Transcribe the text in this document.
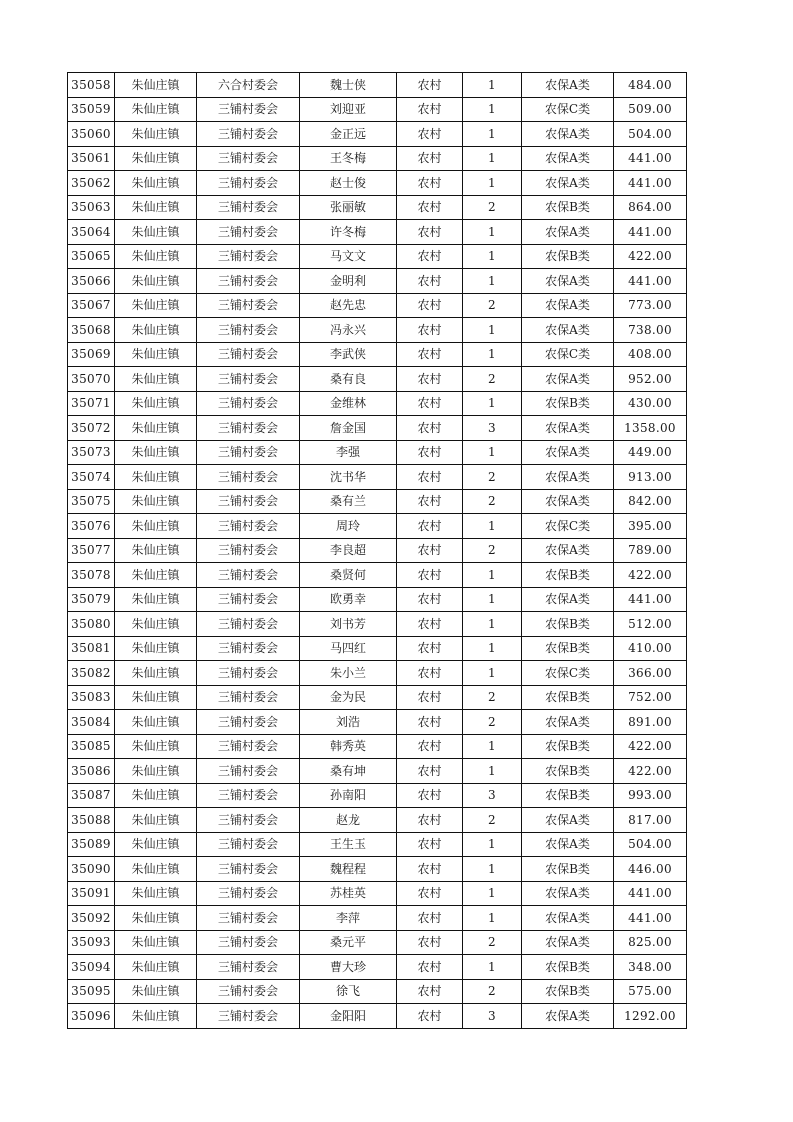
35058	朱仙庄镇	六合村委会	魏士侠	农村	1	农保A类	484.00
35059	朱仙庄镇	三铺村委会	刘迎亚	农村	1	农保C类	509.00
35060	朱仙庄镇	三铺村委会	金正远	农村	1	农保A类	504.00
35061	朱仙庄镇	三铺村委会	王冬梅	农村	1	农保A类	441.00
35062	朱仙庄镇	三铺村委会	赵士俊	农村	1	农保A类	441.00
35063	朱仙庄镇	三铺村委会	张丽敏	农村	2	农保B类	864.00
35064	朱仙庄镇	三铺村委会	许冬梅	农村	1	农保A类	441.00
35065	朱仙庄镇	三铺村委会	马文文	农村	1	农保B类	422.00
35066	朱仙庄镇	三铺村委会	金明利	农村	1	农保A类	441.00
35067	朱仙庄镇	三铺村委会	赵先忠	农村	2	农保A类	773.00
35068	朱仙庄镇	三铺村委会	冯永兴	农村	1	农保A类	738.00
35069	朱仙庄镇	三铺村委会	李武侠	农村	1	农保C类	408.00
35070	朱仙庄镇	三铺村委会	桑有良	农村	2	农保A类	952.00
35071	朱仙庄镇	三铺村委会	金维林	农村	1	农保B类	430.00
35072	朱仙庄镇	三铺村委会	詹金国	农村	3	农保A类	1358.00
35073	朱仙庄镇	三铺村委会	李强	农村	1	农保A类	449.00
35074	朱仙庄镇	三铺村委会	沈书华	农村	2	农保A类	913.00
35075	朱仙庄镇	三铺村委会	桑有兰	农村	2	农保A类	842.00
35076	朱仙庄镇	三铺村委会	周玲	农村	1	农保C类	395.00
35077	朱仙庄镇	三铺村委会	李良超	农村	2	农保A类	789.00
35078	朱仙庄镇	三铺村委会	桑贤何	农村	1	农保B类	422.00
35079	朱仙庄镇	三铺村委会	欧勇幸	农村	1	农保A类	441.00
35080	朱仙庄镇	三铺村委会	刘书芳	农村	1	农保B类	512.00
35081	朱仙庄镇	三铺村委会	马四红	农村	1	农保B类	410.00
35082	朱仙庄镇	三铺村委会	朱小兰	农村	1	农保C类	366.00
35083	朱仙庄镇	三铺村委会	金为民	农村	2	农保B类	752.00
35084	朱仙庄镇	三铺村委会	刘浩	农村	2	农保A类	891.00
35085	朱仙庄镇	三铺村委会	韩秀英	农村	1	农保B类	422.00
35086	朱仙庄镇	三铺村委会	桑有坤	农村	1	农保B类	422.00
35087	朱仙庄镇	三铺村委会	孙南阳	农村	3	农保B类	993.00
35088	朱仙庄镇	三铺村委会	赵龙	农村	2	农保A类	817.00
35089	朱仙庄镇	三铺村委会	王生玉	农村	1	农保A类	504.00
35090	朱仙庄镇	三铺村委会	魏程程	农村	1	农保B类	446.00
35091	朱仙庄镇	三铺村委会	苏桂英	农村	1	农保A类	441.00
35092	朱仙庄镇	三铺村委会	李萍	农村	1	农保A类	441.00
35093	朱仙庄镇	三铺村委会	桑元平	农村	2	农保A类	825.00
35094	朱仙庄镇	三铺村委会	曹大珍	农村	1	农保B类	348.00
35095	朱仙庄镇	三铺村委会	徐飞	农村	2	农保B类	575.00
35096	朱仙庄镇	三铺村委会	金阳阳	农村	3	农保A类	1292.00
